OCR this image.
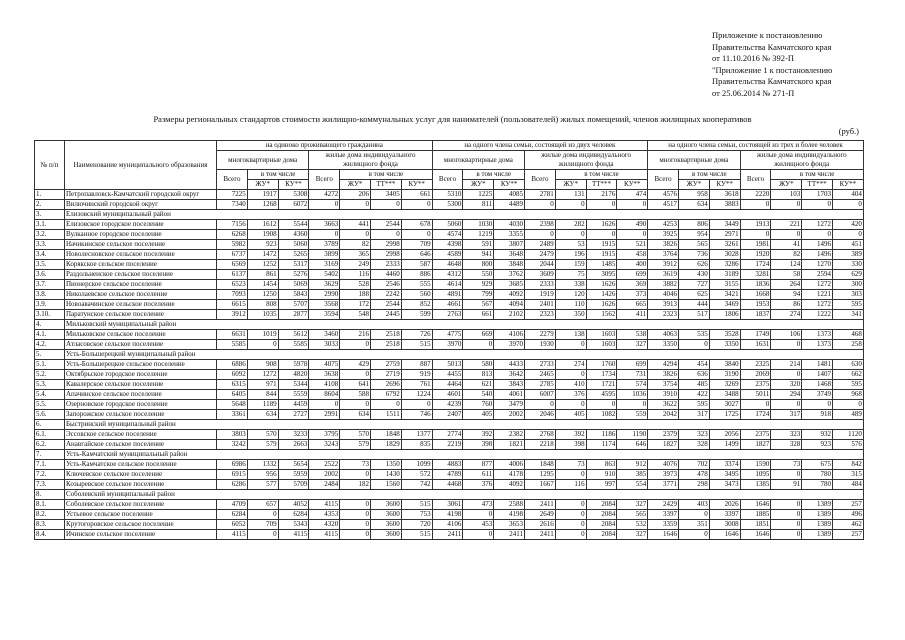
Приложение к постановлению
Правительства Камчатского края
от 11.10.2016 № 392-П
"Приложение 1 к постановлению
Правительства Камчатского края
от 25.06.2014 № 271-П
Размеры региональных стандартов стоимости жилищно-коммунальных услуг для нанимателей (пользователей) жилых помещений, членов жилищных кооперативов
(руб.)
№ п/п	Наименование муниципального образования	на одиноко проживающего гражданина							на одного члена семьи, состоящей из двух человек							на одного члена семьи, состоящей из трех и более человек						
		многоквартирные дома			жилые дома индивидуального жилищного фонда				многоквартирные дома			жилые дома индивидуального жилищного фонда				многоквартирные дома			жилые дома индивидуального жилищного фонда			
		Всего	в том числе		Всего	в том числе			Всего	в том числе		Всего	в том числе			Всего	в том числе		Всего	в том числе		
			ЖУ*	КУ**		ЖУ*	ТТ***	КУ**		ЖУ*	КУ**		ЖУ*	ТТ***	КУ**		ЖУ*	КУ**		ЖУ*	ТТ***	КУ**
1.	Петропавловск-Камчатский городской округ	7225	1917	5308	4272	206	3405	661	5310	1225	4085	2781	131	2176	474	4576	958	3618	2220	103	1703	404
2.	Вилючинский городской округ	7340	1268	6072	0	0	0	0	5300	811	4489	0	0	0	0	4517	634	3883	0	0	0	0
3.	Елизовский муниципальный район																					
3.1.	Елизовское городское поселение	7156	1612	5544	3663	441	2544	678	5060	1030	4030	2398	282	1626	490	4253	806	3449	1913	221	1272	420
3.2.	Вулканное городское поселение	6268	1908	4360	0	0	0	0	4574	1219	3355	0	0	0	0	3925	954	2971	0	0	0	0
3.3.	Начикинское сельское поселение	5982	923	5060	3789	82	2998	709	4398	591	3807	2489	53	1915	521	3826	565	3261	1981	41	1496	451
3.4.	Новолесновское сельское поселение	6737	1472	5265	3899	365	2998	646	4589	941	3648	2479	196	1915	458	3764	736	3028	1920	82	1496	389
3.5.	Корякское сельское поселение	6569	1252	5317	3169	249	2333	587	4648	800	3848	2044	159	1485	400	3912	626	3286	1724	124	1270	330
3.6.	Раздольненское сельское поселение	6137	861	5276	5402	116	4460	886	4312	550	3762	3609	75	3095	699	3619	430	3189	3281	58	2594	629
3.7.	Пионерское сельское поселение	6523	1454	5069	3629	528	2546	555	4614	929	3685	2333	338	1626	369	3882	727	3155	1836	264	1272	300
3.8.	Николаевское сельское поселение	7093	1250	5843	2990	188	2242	560	4891	799	4092	1919	120	1426	373	4046	625	3421	1668	94	1221	303
3.9.	Новоавачинское сельское поселение	6615	808	5707	3568	172	2544	852	4661	567	4094	2401	110	1626	665	3913	444	3469	1953	86	1272	595
3.10.	Паратунское сельское поселение	3912	1035	2877	3594	548	2445	599	2763	661	2102	2323	350	1562	411	2323	517	1806	1837	274	1222	341
4.	Мильковский муниципальный район																					
4.1.	Мильковское сельское поселение	6631	1019	5612	3460	216	2518	726	4775	669	4106	2279	138	1603	538	4063	535	3528	1749	106	1373	468
4.2.	Атласовское сельское поселение	5585	0	5585	3033	0	2518	515	3970	0	3970	1930	0	1603	327	3350	0	3350	1631	0	1373	258
5.	Усть-Большерецкий муниципальный район																					
5.1.	Усть-Большерецкое сельское поселение	6886	908	5978	4075	429	2759	887	5013	580	4433	2733	274	1760	699	4294	454	3840	2325	214	1481	630
5.2.	Октябрьское городское поселение	6092	1272	4820	3638	0	2719	919	4455	813	3642	2465	0	1734	731	3826	636	3190	2069	0	1407	662
5.3.	Кавалерское сельское поселение	6315	971	5344	4108	641	2696	761	4464	621	3843	2785	410	1721	574	3754	485	3269	2375	320	1468	595
5.4.	Апачинское сельское поселение	6405	844	5559	8604	588	6792	1224	4601	540	4061	6007	376	4595	1036	3910	422	3488	5011	294	3749	968
5.5.	Озерновское городское поселение	5648	1189	4459	0	0	0	0	4239	760	3479	0	0	0	0	3622	595	3027	0	0	0	0
5.6.	Запорожское сельское поселение	3361	634	2727	2991	634	1511	746	2407	405	2002	2046	405	1082	559	2042	317	1725	1724	317	918	489
6.	Быстринский муниципальный район																					
6.1.	Эссовское сельское поселение	3803	570	3233	3795	570	1848	1377	2774	392	2382	2768	392	1186	1190	2379	323	2056	2375	323	932	1120
6.2.	Анавгайское сельское поселение	3242	579	2663	3243	579	1829	835	2219	398	1821	2218	398	1174	646	1827	328	1499	1827	328	923	576
7.	Усть-Камчатский муниципальный район																					
7.1.	Усть-Камчатское сельское поселение	6986	1332	5654	2522	73	1350	1099	4883	877	4006	1848	73	863	912	4076	702	3374	1590	73	675	842
7.2.	Ключевское сельское поселение	6915	956	5959	2002	0	1430	572	4789	611	4178	1295	0	910	385	3973	478	3495	1095	0	780	315
7.3.	Козыревское сельское поселение	6286	577	5709	2484	182	1560	742	4468	376	4092	1667	116	997	554	3771	298	3473	1385	91	780	484
8.	Соболевский муниципальный район																					
8.1.	Соболевское сельское поселение	4709	657	4052	4115	0	3600	515	3061	473	2588	2411	0	2084	327	2429	403	2026	1646	0	1389	257
8.2.	Устьевое сельское поселение	6284	0	6284	4353	0	3600	753	4198	0	4198	2649	0	2084	565	3397	0	3397	1885	0	1389	496
8.3.	Крутогоровское сельское поселение	6052	709	5343	4320	0	3600	720	4106	453	3653	2616	0	2084	532	3359	351	3008	1851	0	1389	462
8.4.	Ичинское сельское поселение	4115	0	4115	4115	0	3600	515	2411	0	2411	2411	0	2084	327	1646	0	1646	1646	0	1389	257
